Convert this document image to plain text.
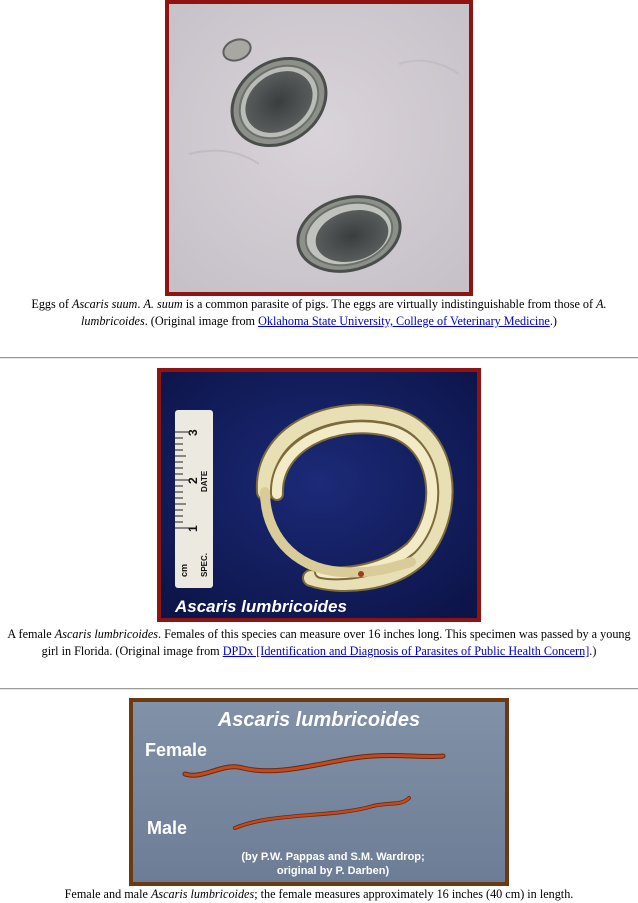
Eggs of Ascaris suum. A. suum is a common parasite of pigs. The eggs are virtually indistinguishable from those of A. lumbricoides. (Original image from Oklahoma State University, College of Veterinary Medicine.)

3
2
1
DATE
cm SPEC.
Ascaris lumbricoides

A female Ascaris lumbricoides. Females of this species can measure over 16 inches long. This specimen was passed by a young girl in Florida. (Original image from DPDx [Identification and Diagnosis of Parasites of Public Health Concern].)

Ascaris lumbricoides
Female
Male
(by P.W. Pappas and S.M. Wardrop;
original by P. Darben)

Female and male Ascaris lumbricoides; the female measures approximately 16 inches (40 cm) in length.
